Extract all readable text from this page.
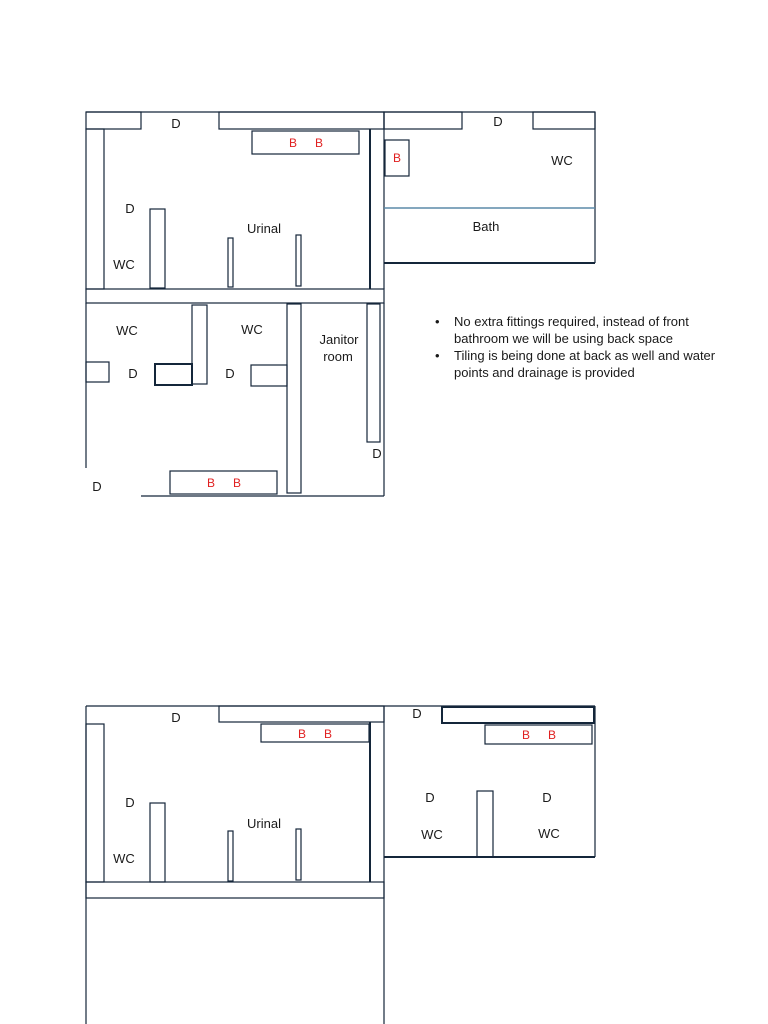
D	D
D
WC
Urinal
WC
Bath
WC	WC
Janitor
room
D	D
D
D
B B
B
B B
D	D
D
WC
Urinal
D	D
WC	WC
B B	B B
• No extra fittings required, instead of front bathroom we will be using back space
• Tiling is being done at back as well and water points and drainage is provided
